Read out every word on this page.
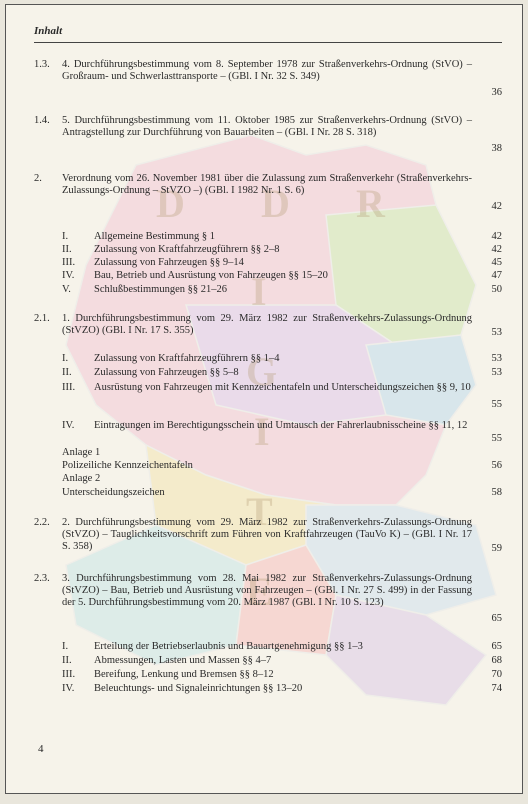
D D R
I
G
I
T
E
Inhalt
1.3.	4. Durchführungsbestimmung vom 8. September 1978 zur Straßenverkehrs-Ordnung (StVO) – Großraum- und Schwerlasttransporte – (GBl. I Nr. 32 S. 349)
36
1.4.	5. Durchführungsbestimmung vom 11. Oktober 1985 zur Straßenverkehrs-Ordnung (StVO) – Antragstellung zur Durchführung von Bauarbeiten – (GBl. I Nr. 28 S. 318)
38
2.	Verordnung vom 26. November 1981 über die Zulassung zum Straßenverkehr (Straßenverkehrs-Zulassungs-Ordnung – StVZO –) (GBl. I 1982 Nr. 1 S. 6)
42
I.	Allgemeine Bestimmung § 1	42
II.	Zulassung von Kraftfahrzeugführern §§ 2–8	42
III.	Zulassung von Fahrzeugen §§ 9–14	45
IV.	Bau, Betrieb und Ausrüstung von Fahrzeugen §§ 15–20	47
V.	Schlußbestimmungen §§ 21–26	50
2.1.	1. Durchführungsbestimmung vom 29. März 1982 zur Straßenverkehrs-Zulassungs-Ordnung (StVZO) (GBl. I Nr. 17 S. 355)	53
I.	Zulassung von Kraftfahrzeugführern §§ 1–4	53
II.	Zulassung von Fahrzeugen §§ 5–8	53
III.	Ausrüstung von Fahrzeugen mit Kennzeichentafeln und Unterscheidungszeichen §§ 9, 10
55
IV.	Eintragungen im Berechtigungsschein und Umtausch der Fahrerlaubnisscheine §§ 11, 12
55
Anlage 1
Polizeiliche Kennzeichentafeln	56
Anlage 2
Unterscheidungszeichen	58
2.2.	2. Durchführungsbestimmung vom 29. März 1982 zur Straßenverkehrs-Zulassungs-Ordnung (StVZO) – Tauglichkeitsvorschrift zum Führen von Kraftfahrzeugen (TauVo K) – (GBl. I Nr. 17 S. 358)	59
2.3.	3. Durchführungsbestimmung vom 28. Mai 1982 zur Straßenverkehrs-Zulassungs-Ordnung (StVZO) – Bau, Betrieb und Ausrüstung von Fahrzeugen – (GBl. I Nr. 27 S. 499) in der Fassung der 5. Durchführungsbestimmung vom 20. März 1987 (GBl. I Nr. 10 S. 123)
65
I.	Erteilung der Betriebserlaubnis und Bauartgenehmigung §§ 1–3	65
II.	Abmessungen, Lasten und Massen §§ 4–7	68
III.	Bereifung, Lenkung und Bremsen §§ 8–12	70
IV.	Beleuchtungs- und Signaleinrichtungen §§ 13–20	74
4
